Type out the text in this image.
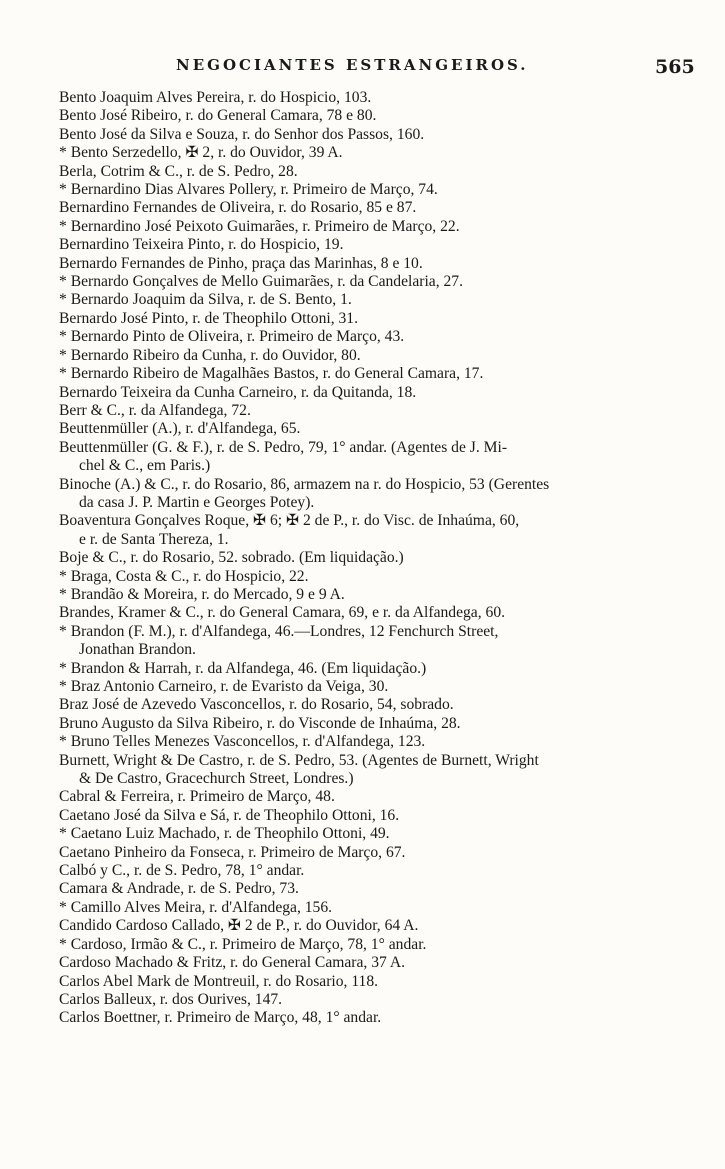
NEGOCIANTES ESTRANGEIROS.	565
Bento Joaquim Alves Pereira, r. do Hospicio, 103.
Bento José Ribeiro, r. do General Camara, 78 e 80.
Bento José da Silva e Souza, r. do Senhor dos Passos, 160.
* Bento Serzedello, ✠ 2, r. do Ouvidor, 39 A.
Berla, Cotrim & C., r. de S. Pedro, 28.
* Bernardino Dias Alvares Pollery, r. Primeiro de Março, 74.
Bernardino Fernandes de Oliveira, r. do Rosario, 85 e 87.
* Bernardino José Peixoto Guimarães, r. Primeiro de Março, 22.
Bernardino Teixeira Pinto, r. do Hospicio, 19.
Bernardo Fernandes de Pinho, praça das Marinhas, 8 e 10.
* Bernardo Gonçalves de Mello Guimarães, r. da Candelaria, 27.
* Bernardo Joaquim da Silva, r. de S. Bento, 1.
Bernardo José Pinto, r. de Theophilo Ottoni, 31.
* Bernardo Pinto de Oliveira, r. Primeiro de Março, 43.
* Bernardo Ribeiro da Cunha, r. do Ouvidor, 80.
* Bernardo Ribeiro de Magalhães Bastos, r. do General Camara, 17.
Bernardo Teixeira da Cunha Carneiro, r. da Quitanda, 18.
Berr & C., r. da Alfandega, 72.
Beuttenmüller (A.), r. d'Alfandega, 65.
Beuttenmüller (G. & F.), r. de S. Pedro, 79, 1° andar. (Agentes de J. Mi-
chel & C., em Paris.)
Binoche (A.) & C., r. do Rosario, 86, armazem na r. do Hospicio, 53 (Gerentes
da casa J. P. Martin e Georges Potey).
Boaventura Gonçalves Roque, ✠ 6; ✠ 2 de P., r. do Visc. de Inhaúma, 60,
e r. de Santa Thereza, 1.
Boje & C., r. do Rosario, 52. sobrado. (Em liquidação.)
* Braga, Costa & C., r. do Hospicio, 22.
* Brandão & Moreira, r. do Mercado, 9 e 9 A.
Brandes, Kramer & C., r. do General Camara, 69, e r. da Alfandega, 60.
* Brandon (F. M.), r. d'Alfandega, 46.—Londres, 12 Fenchurch Street,
Jonathan Brandon.
* Brandon & Harrah, r. da Alfandega, 46. (Em liquidação.)
* Braz Antonio Carneiro, r. de Evaristo da Veiga, 30.
Braz José de Azevedo Vasconcellos, r. do Rosario, 54, sobrado.
Bruno Augusto da Silva Ribeiro, r. do Visconde de Inhaúma, 28.
* Bruno Telles Menezes Vasconcellos, r. d'Alfandega, 123.
Burnett, Wright & De Castro, r. de S. Pedro, 53. (Agentes de Burnett, Wright
& De Castro, Gracechurch Street, Londres.)
Cabral & Ferreira, r. Primeiro de Março, 48.
Caetano José da Silva e Sá, r. de Theophilo Ottoni, 16.
* Caetano Luiz Machado, r. de Theophilo Ottoni, 49.
Caetano Pinheiro da Fonseca, r. Primeiro de Março, 67.
Calbó y C., r. de S. Pedro, 78, 1° andar.
Camara & Andrade, r. de S. Pedro, 73.
* Camillo Alves Meira, r. d'Alfandega, 156.
Candido Cardoso Callado, ✠ 2 de P., r. do Ouvidor, 64 A.
* Cardoso, Irmão & C., r. Primeiro de Março, 78, 1° andar.
Cardoso Machado & Fritz, r. do General Camara, 37 A.
Carlos Abel Mark de Montreuil, r. do Rosario, 118.
Carlos Balleux, r. dos Ourives, 147.
Carlos Boettner, r. Primeiro de Março, 48, 1° andar.
